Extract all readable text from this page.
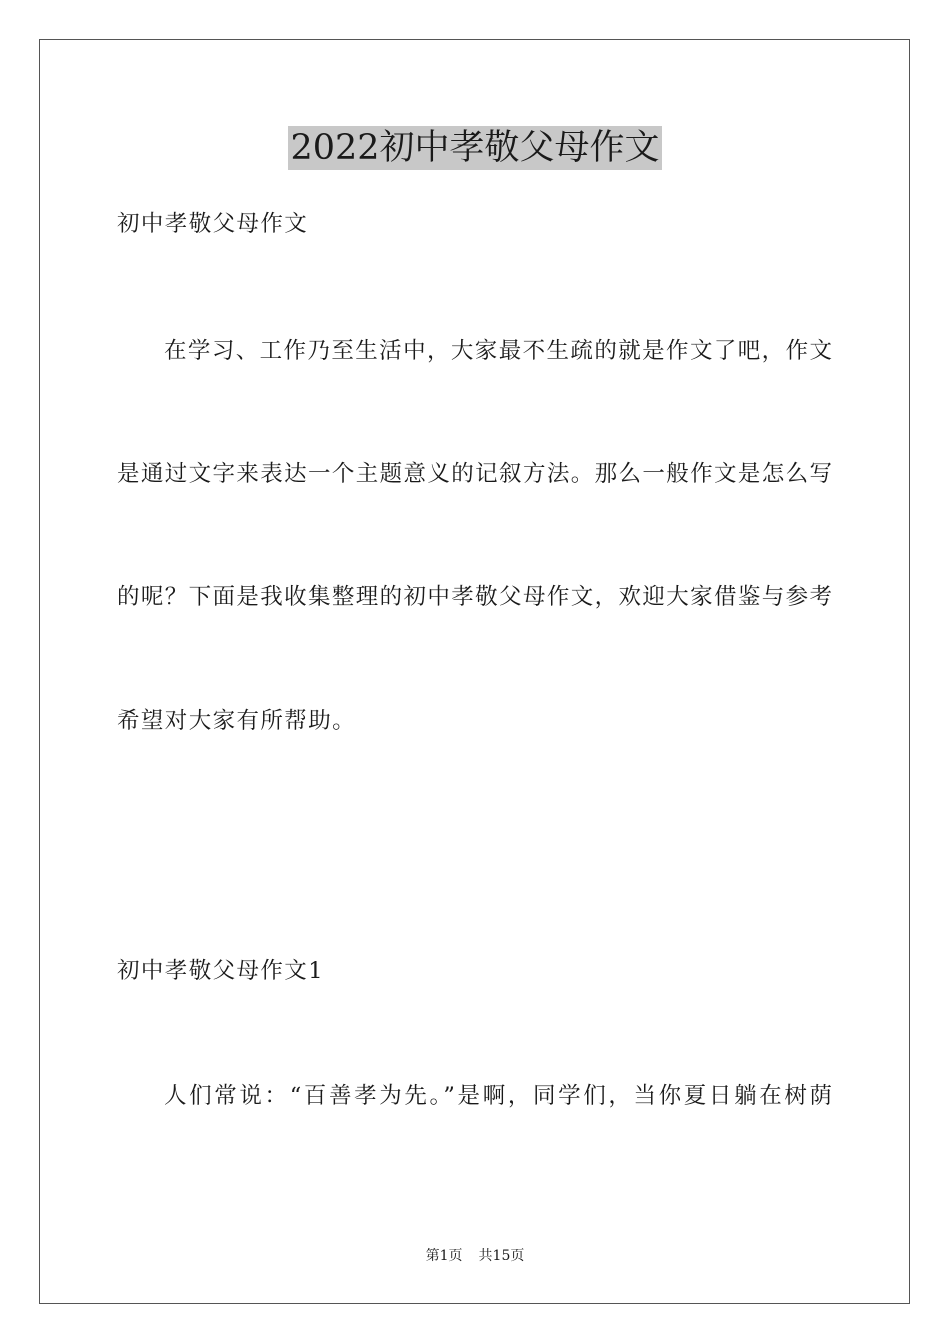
2022初中孝敬父母作文
初中孝敬父母作文
在学习、工作乃至生活中，大家最不生疏的就是作文了吧，作文
是通过文字来表达一个主题意义的记叙方法。那么一般作文是怎么写
的呢？下面是我收集整理的初中孝敬父母作文，欢迎大家借鉴与参考
希望对大家有所帮助。
初中孝敬父母作文1
人们常说：“百善孝为先。”是啊，同学们，当你夏日躺在树荫
第1页 共15页
